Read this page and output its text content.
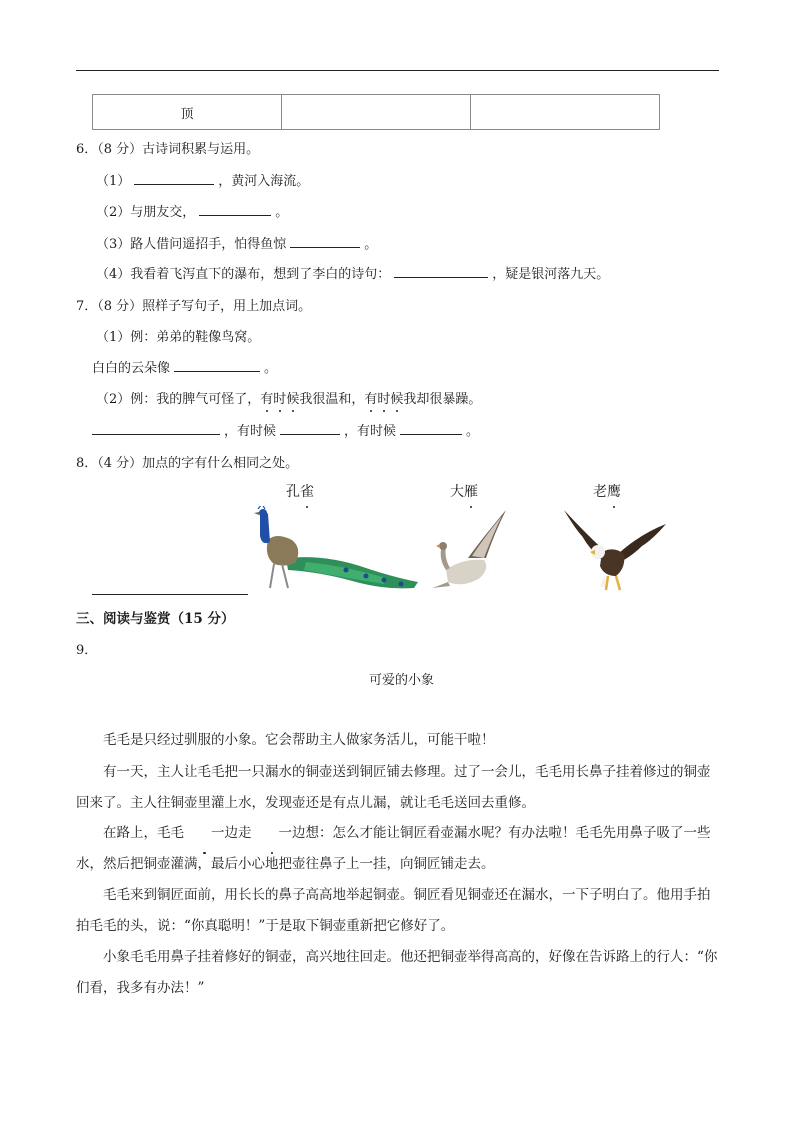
顶		
6．（8 分）古诗词积累与运用。
（1）	，黄河入海流。
（2）与朋友交，	。
（3）路人借问遥招手，怕得鱼惊	。
（4）我看着飞泻直下的瀑布，想到了李白的诗句：	，疑是银河落九天。
7．（8 分）照样子写句子，用上加点词。
（1）例：弟弟的鞋像鸟窝。
白白的云朵像	。
（2）例：我的脾气可怪了，有时候我很温和，有时候我却很暴躁。
，有时候	，有时候	。
8．（4 分）加点的字有什么相同之处。
孔雀	大雁	老鹰
三、阅读与鉴赏（15 分）
9．
可爱的小象
毛毛是只经过驯服的小象。它会帮助主人做家务活儿，可能干啦！
有一天，主人让毛毛把一只漏水的铜壶送到铜匠铺去修理。过了一会儿，毛毛用长鼻子挂着修过的铜壶回来了。主人往铜壶里灌上水，发现壶还是有点儿漏，就让毛毛送回去重修。
在路上，毛毛 一边走 一边想：怎么才能让铜匠看壶漏水呢？有办法啦！毛毛先用鼻子吸了一些水，然后把铜壶灌满，最后小心地把壶往鼻子上一挂，向铜匠铺走去。
毛毛来到铜匠面前，用长长的鼻子高高地举起铜壶。铜匠看见铜壶还在漏水，一下子明白了。他用手拍拍毛毛的头，说：“你真聪明！”于是取下铜壶重新把它修好了。
小象毛毛用鼻子挂着修好的铜壶，高兴地往回走。他还把铜壶举得高高的，好像在告诉路上的行人：“你们看，我多有办法！”
